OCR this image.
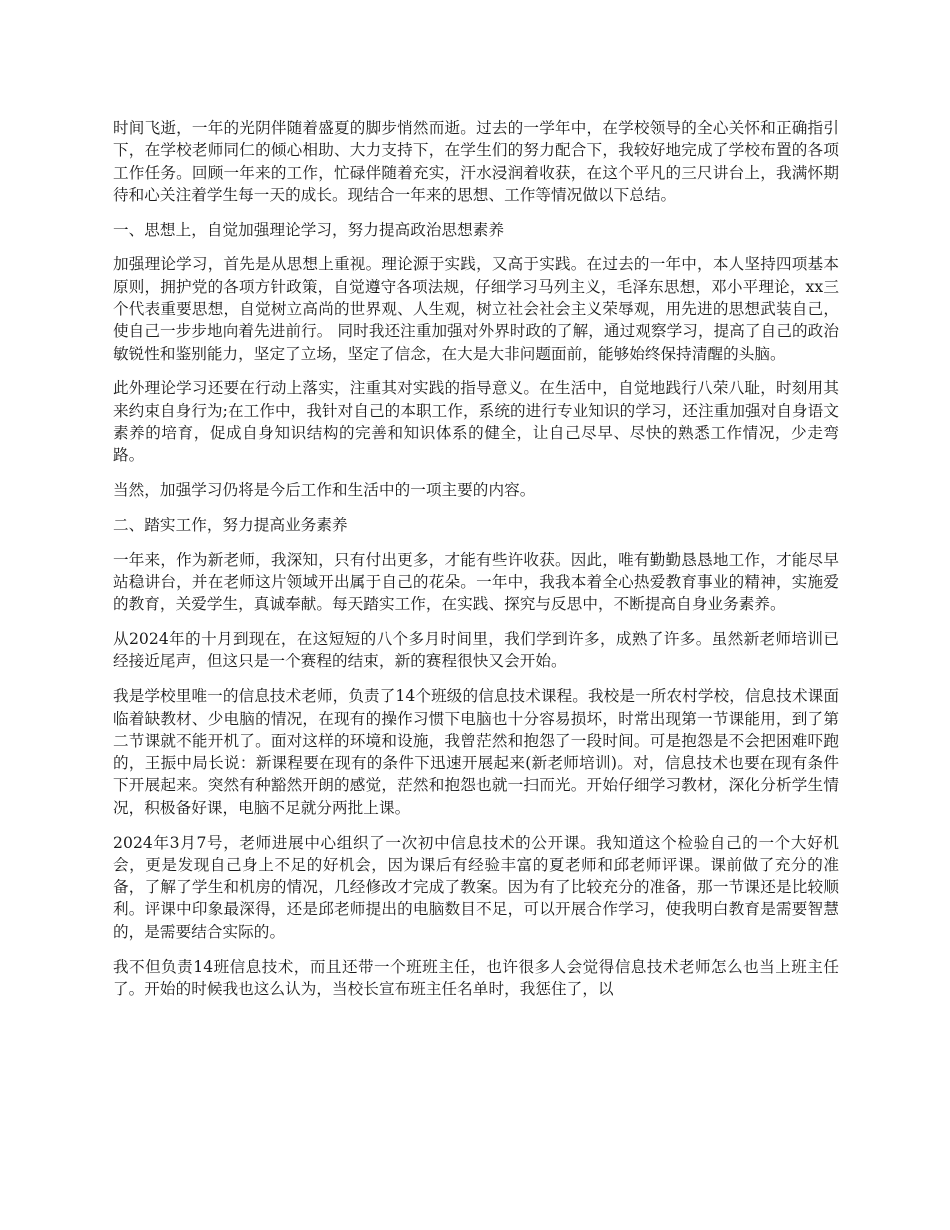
时间飞逝，一年的光阴伴随着盛夏的脚步悄然而逝。过去的一学年中，在学校领导的全心关怀和正确指引下，在学校老师同仁的倾心相助、大力支持下，在学生们的努力配合下，我较好地完成了学校布置的各项工作任务。回顾一年来的工作，忙碌伴随着充实，汗水浸润着收获，在这个平凡的三尺讲台上，我满怀期待和心关注着学生每一天的成长。现结合一年来的思想、工作等情况做以下总结。

一、思想上，自觉加强理论学习，努力提高政治思想素养

加强理论学习，首先是从思想上重视。理论源于实践，又高于实践。在过去的一年中，本人坚持四项基本原则，拥护党的各项方针政策，自觉遵守各项法规，仔细学习马列主义，毛泽东思想，邓小平理论，xx三个代表重要思想，自觉树立高尚的世界观、人生观，树立社会社会主义荣辱观，用先进的思想武装自己，使自己一步步地向着先进前行。 同时我还注重加强对外界时政的了解，通过观察学习，提高了自己的政治敏锐性和鉴别能力，坚定了立场，坚定了信念，在大是大非问题面前，能够始终保持清醒的头脑。

此外理论学习还要在行动上落实，注重其对实践的指导意义。在生活中，自觉地践行八荣八耻，时刻用其来约束自身行为;在工作中，我针对自己的本职工作，系统的进行专业知识的学习，还注重加强对自身语文素养的培育，促成自身知识结构的完善和知识体系的健全，让自己尽早、尽快的熟悉工作情况，少走弯路。

当然，加强学习仍将是今后工作和生活中的一项主要的内容。

二、踏实工作，努力提高业务素养

一年来，作为新老师，我深知，只有付出更多，才能有些许收获。因此，唯有勤勤恳恳地工作，才能尽早站稳讲台，并在老师这片领域开出属于自己的花朵。一年中，我我本着全心热爱教育事业的精神，实施爱的教育，关爱学生，真诚奉献。每天踏实工作，在实践、探究与反思中，不断提高自身业务素养。

从2024年的十月到现在，在这短短的八个多月时间里，我们学到许多，成熟了许多。虽然新老师培训已经接近尾声，但这只是一个赛程的结束，新的赛程很快又会开始。

我是学校里唯一的信息技术老师，负责了14个班级的信息技术课程。我校是一所农村学校，信息技术课面临着缺教材、少电脑的情况，在现有的操作习惯下电脑也十分容易损坏，时常出现第一节课能用，到了第二节课就不能开机了。面对这样的环境和设施，我曾茫然和抱怨了一段时间。可是抱怨是不会把困难吓跑的，王振中局长说：新课程要在现有的条件下迅速开展起来(新老师培训)。对，信息技术也要在现有条件下开展起来。突然有种豁然开朗的感觉，茫然和抱怨也就一扫而光。开始仔细学习教材，深化分析学生情况，积极备好课，电脑不足就分两批上课。

2024年3月7号，老师进展中心组织了一次初中信息技术的公开课。我知道这个检验自己的一个大好机会，更是发现自己身上不足的好机会，因为课后有经验丰富的夏老师和邱老师评课。课前做了充分的准备，了解了学生和机房的情况，几经修改才完成了教案。因为有了比较充分的准备，那一节课还是比较顺利。评课中印象最深得，还是邱老师提出的电脑数目不足，可以开展合作学习，使我明白教育是需要智慧的，是需要结合实际的。

我不但负责14班信息技术，而且还带一个班班主任，也许很多人会觉得信息技术老师怎么也当上班主任了。开始的时候我也这么认为，当校长宣布班主任名单时，我惩住了，以
